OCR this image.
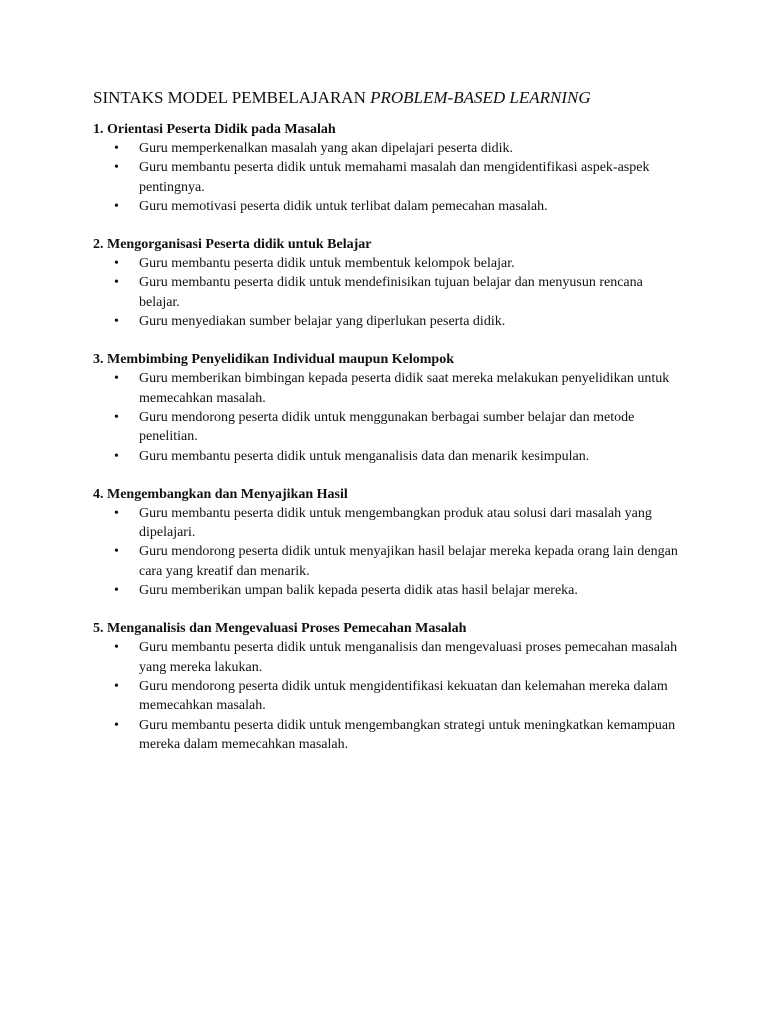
SINTAKS MODEL PEMBELAJARAN PROBLEM-BASED LEARNING
1. Orientasi Peserta Didik pada Masalah
• Guru memperkenalkan masalah yang akan dipelajari peserta didik.
• Guru membantu peserta didik untuk memahami masalah dan mengidentifikasi aspek-aspek pentingnya.
• Guru memotivasi peserta didik untuk terlibat dalam pemecahan masalah.
2. Mengorganisasi Peserta didik untuk Belajar
• Guru membantu peserta didik untuk membentuk kelompok belajar.
• Guru membantu peserta didik untuk mendefinisikan tujuan belajar dan menyusun rencana belajar.
• Guru menyediakan sumber belajar yang diperlukan peserta didik.
3. Membimbing Penyelidikan Individual maupun Kelompok
• Guru memberikan bimbingan kepada peserta didik saat mereka melakukan penyelidikan untuk memecahkan masalah.
• Guru mendorong peserta didik untuk menggunakan berbagai sumber belajar dan metode penelitian.
• Guru membantu peserta didik untuk menganalisis data dan menarik kesimpulan.
4. Mengembangkan dan Menyajikan Hasil
• Guru membantu peserta didik untuk mengembangkan produk atau solusi dari masalah yang dipelajari.
• Guru mendorong peserta didik untuk menyajikan hasil belajar mereka kepada orang lain dengan cara yang kreatif dan menarik.
• Guru memberikan umpan balik kepada peserta didik atas hasil belajar mereka.
5. Menganalisis dan Mengevaluasi Proses Pemecahan Masalah
• Guru membantu peserta didik untuk menganalisis dan mengevaluasi proses pemecahan masalah yang mereka lakukan.
• Guru mendorong peserta didik untuk mengidentifikasi kekuatan dan kelemahan mereka dalam memecahkan masalah.
• Guru membantu peserta didik untuk mengembangkan strategi untuk meningkatkan kemampuan mereka dalam memecahkan masalah.
